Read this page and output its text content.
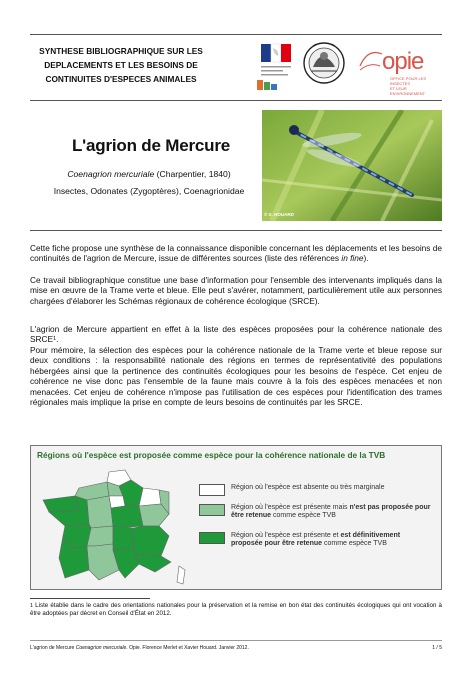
SYNTHESE BIBLIOGRAPHIQUE SUR LES
DEPLACEMENTS ET LES BESOINS DE
CONTINUITES D'ESPECES ANIMALES
opie
OFFICE POUR LES INSECTES
ET LEUR ENVIRONNEMENT
L'agrion de Mercure
Coenagrion mercuriale (Charpentier, 1840)
Insectes, Odonates (Zygoptères), Coenagrionidae
© X. HOUARD
Cette fiche propose une synthèse de la connaissance disponible concernant les déplacements et les besoins de continuités de l'agrion de Mercure, issue de différentes sources (liste des références in fine).
Ce travail bibliographique constitue une base d'information pour l'ensemble des intervenants impliqués dans la mise en œuvre de la Trame verte et bleue. Elle peut s'avérer, notamment, particulièrement utile aux personnes chargées d'élaborer les Schémas régionaux de cohérence écologique (SRCE).
L'agrion de Mercure appartient en effet à la liste des espèces proposées pour la cohérence nationale des SRCE$^1$.
Pour mémoire, la sélection des espèces pour la cohérence nationale de la Trame verte et bleue repose sur deux conditions : la responsabilité nationale des régions en termes de représentativité des populations hébergées ainsi que la pertinence des continuités écologiques pour les besoins de l'espèce. Cet enjeu de cohérence ne vise donc pas l'ensemble de la faune mais couvre à la fois des espèces menacées et non menacées. Cet enjeu de cohérence n'impose pas l'utilisation de ces espèces pour l'identification des trames régionales mais implique la prise en compte de leurs besoins de continuités par les SRCE.
Régions où l'espèce est proposée comme espèce pour la cohérence nationale de la TVB
Région où l'espèce est absente ou très marginale
Région où l'espèce est présente mais n'est pas proposée pour être retenue comme espèce TVB
Région où l'espèce est présente et est définitivement proposée pour être retenue comme espèce TVB
$^1$ Liste établie dans le cadre des orientations nationales pour la préservation et la remise en bon état des continuités écologiques qui ont vocation à être adoptées par décret en Conseil d'État en 2012.
L'agrion de Mercure Coenagrion mercuriale. Opie. Florence Merlet et Xavier Houard. Janvier 2012.	1 / 5
